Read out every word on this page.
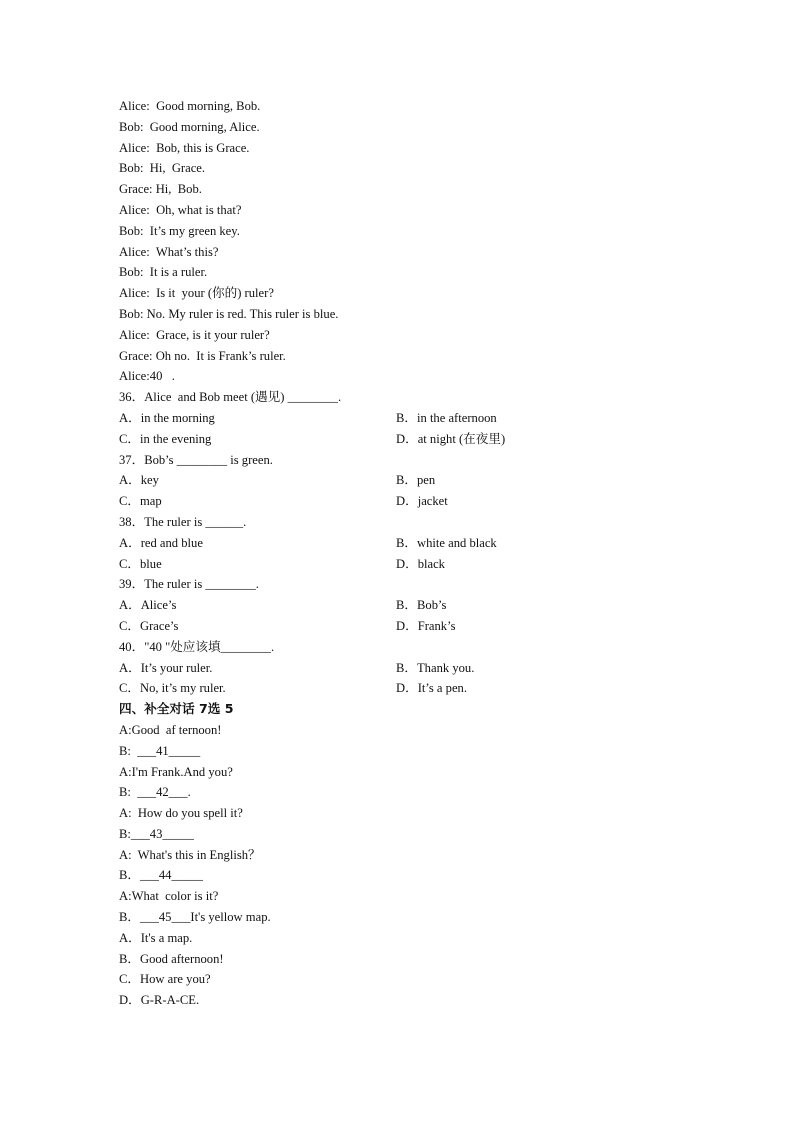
Alice:  Good morning, Bob.
Bob:  Good morning, Alice.
Alice:  Bob, this is Grace.
Bob:  Hi,  Grace.
Grace: Hi,  Bob.
Alice:  Oh, what is that?
Bob:  It’s my green key.
Alice:  What’s this?
Bob:  It is a ruler.
Alice:  Is it  your (你的) ruler?
Bob: No. My ruler is red. This ruler is blue.
Alice:  Grace, is it your ruler?
Grace: Oh no.  It is Frank’s ruler.
Alice:40   .
36．Alice  and Bob meet (遇见) ________.
A．in the morning	B．in the afternoon
C．in the evening	D．at night (在夜里)
37．Bob’s ________ is green.
A．key	B．pen
C．map	D．jacket
38．The ruler is ______.
A．red and blue	B．white and black
C．blue	D．black
39．The ruler is ________.
A．Alice’s	B．Bob’s
C．Grace’s	D．Frank’s
40．"40 "处应该填________.
A．It’s your ruler.	B．Thank you.
C．No, it’s my ruler.	D．It’s a pen.
四、补全对话 7选 5
A:Good  af ternoon!
B:  ___41_____
A:I'm Frank.And you?
B:  ___42___.
A:  How do you spell it?
B:___43_____
A:  What's this in English？
B．___44_____
A:What  color is it?
B．___45___It's yellow map.
A．It's a map.
B．Good afternoon!
C．How are you?
D．G-R-A-CE.
